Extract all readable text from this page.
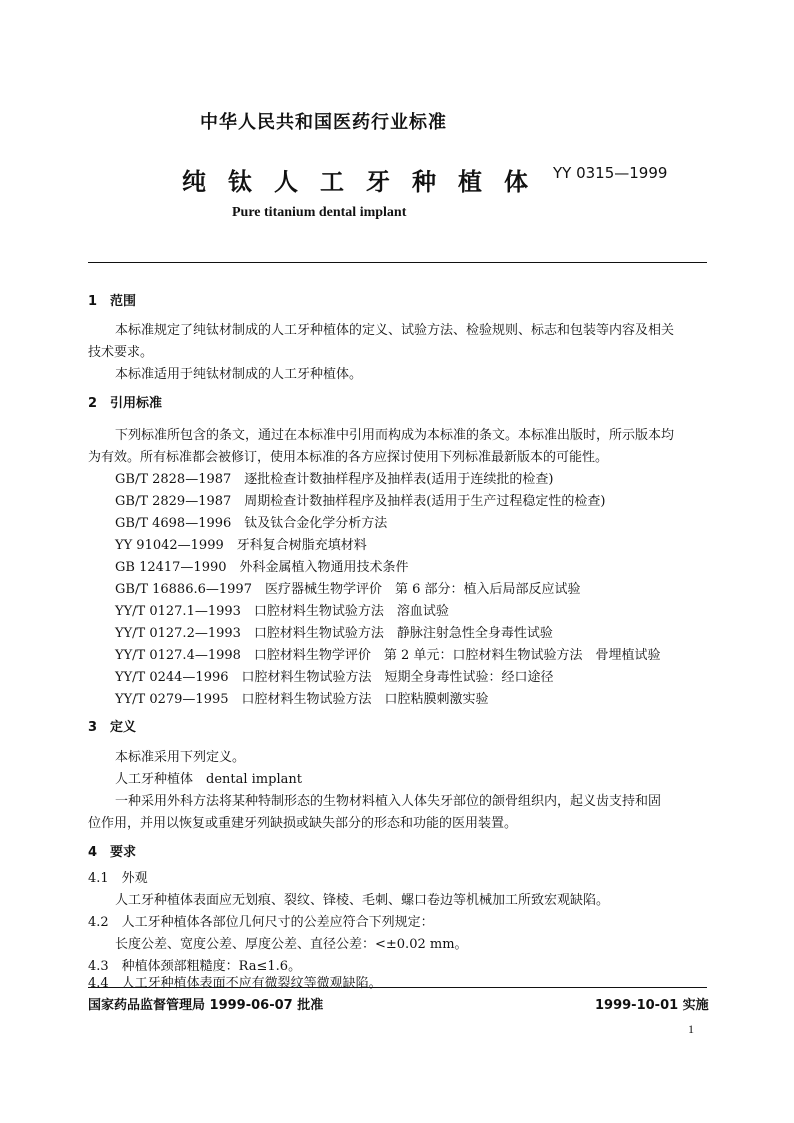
中华人民共和国医药行业标准
纯钛人工牙种植体 YY 0315—1999
Pure titanium dental implant
1　范围
本标准规定了纯钛材制成的人工牙种植体的定义、试验方法、检验规则、标志和包装等内容及相关
技术要求。
本标准适用于纯钛材制成的人工牙种植体。
2　引用标准
下列标准所包含的条文，通过在本标准中引用而构成为本标准的条文。本标准出版时，所示版本均
为有效。所有标准都会被修订，使用本标准的各方应探讨使用下列标准最新版本的可能性。
GB/T 2828—1987　逐批检查计数抽样程序及抽样表(适用于连续批的检查)
GB/T 2829—1987　周期检查计数抽样程序及抽样表(适用于生产过程稳定性的检查)
GB/T 4698—1996　钛及钛合金化学分析方法
YY 91042—1999　牙科复合树脂充填材料
GB 12417—1990　外科金属植入物通用技术条件
GB/T 16886.6—1997　医疗器械生物学评价　第 6 部分：植入后局部反应试验
YY/T 0127.1—1993　口腔材料生物试验方法　溶血试验
YY/T 0127.2—1993　口腔材料生物试验方法　静脉注射急性全身毒性试验
YY/T 0127.4—1998　口腔材料生物学评价　第 2 单元：口腔材料生物试验方法　骨埋植试验
YY/T 0244—1996　口腔材料生物试验方法　短期全身毒性试验：经口途径
YY/T 0279—1995　口腔材料生物试验方法　口腔粘膜刺激实验
3　定义
本标准采用下列定义。
人工牙种植体　dental implant
一种采用外科方法将某种特制形态的生物材料植入人体失牙部位的颌骨组织内，起义齿支持和固
位作用，并用以恢复或重建牙列缺损或缺失部分的形态和功能的医用装置。
4　要求
4.1　外观
人工牙种植体表面应无划痕、裂纹、锋棱、毛刺、螺口卷边等机械加工所致宏观缺陷。
4.2　人工牙种植体各部位几何尺寸的公差应符合下列规定：
长度公差、宽度公差、厚度公差、直径公差：<±0.02 mm。
4.3　种植体颈部粗糙度：Ra≤1.6。
4.4　人工牙种植体表面不应有微裂纹等微观缺陷。
国家药品监督管理局 1999-06-07 批准	1999-10-01 实施
1
